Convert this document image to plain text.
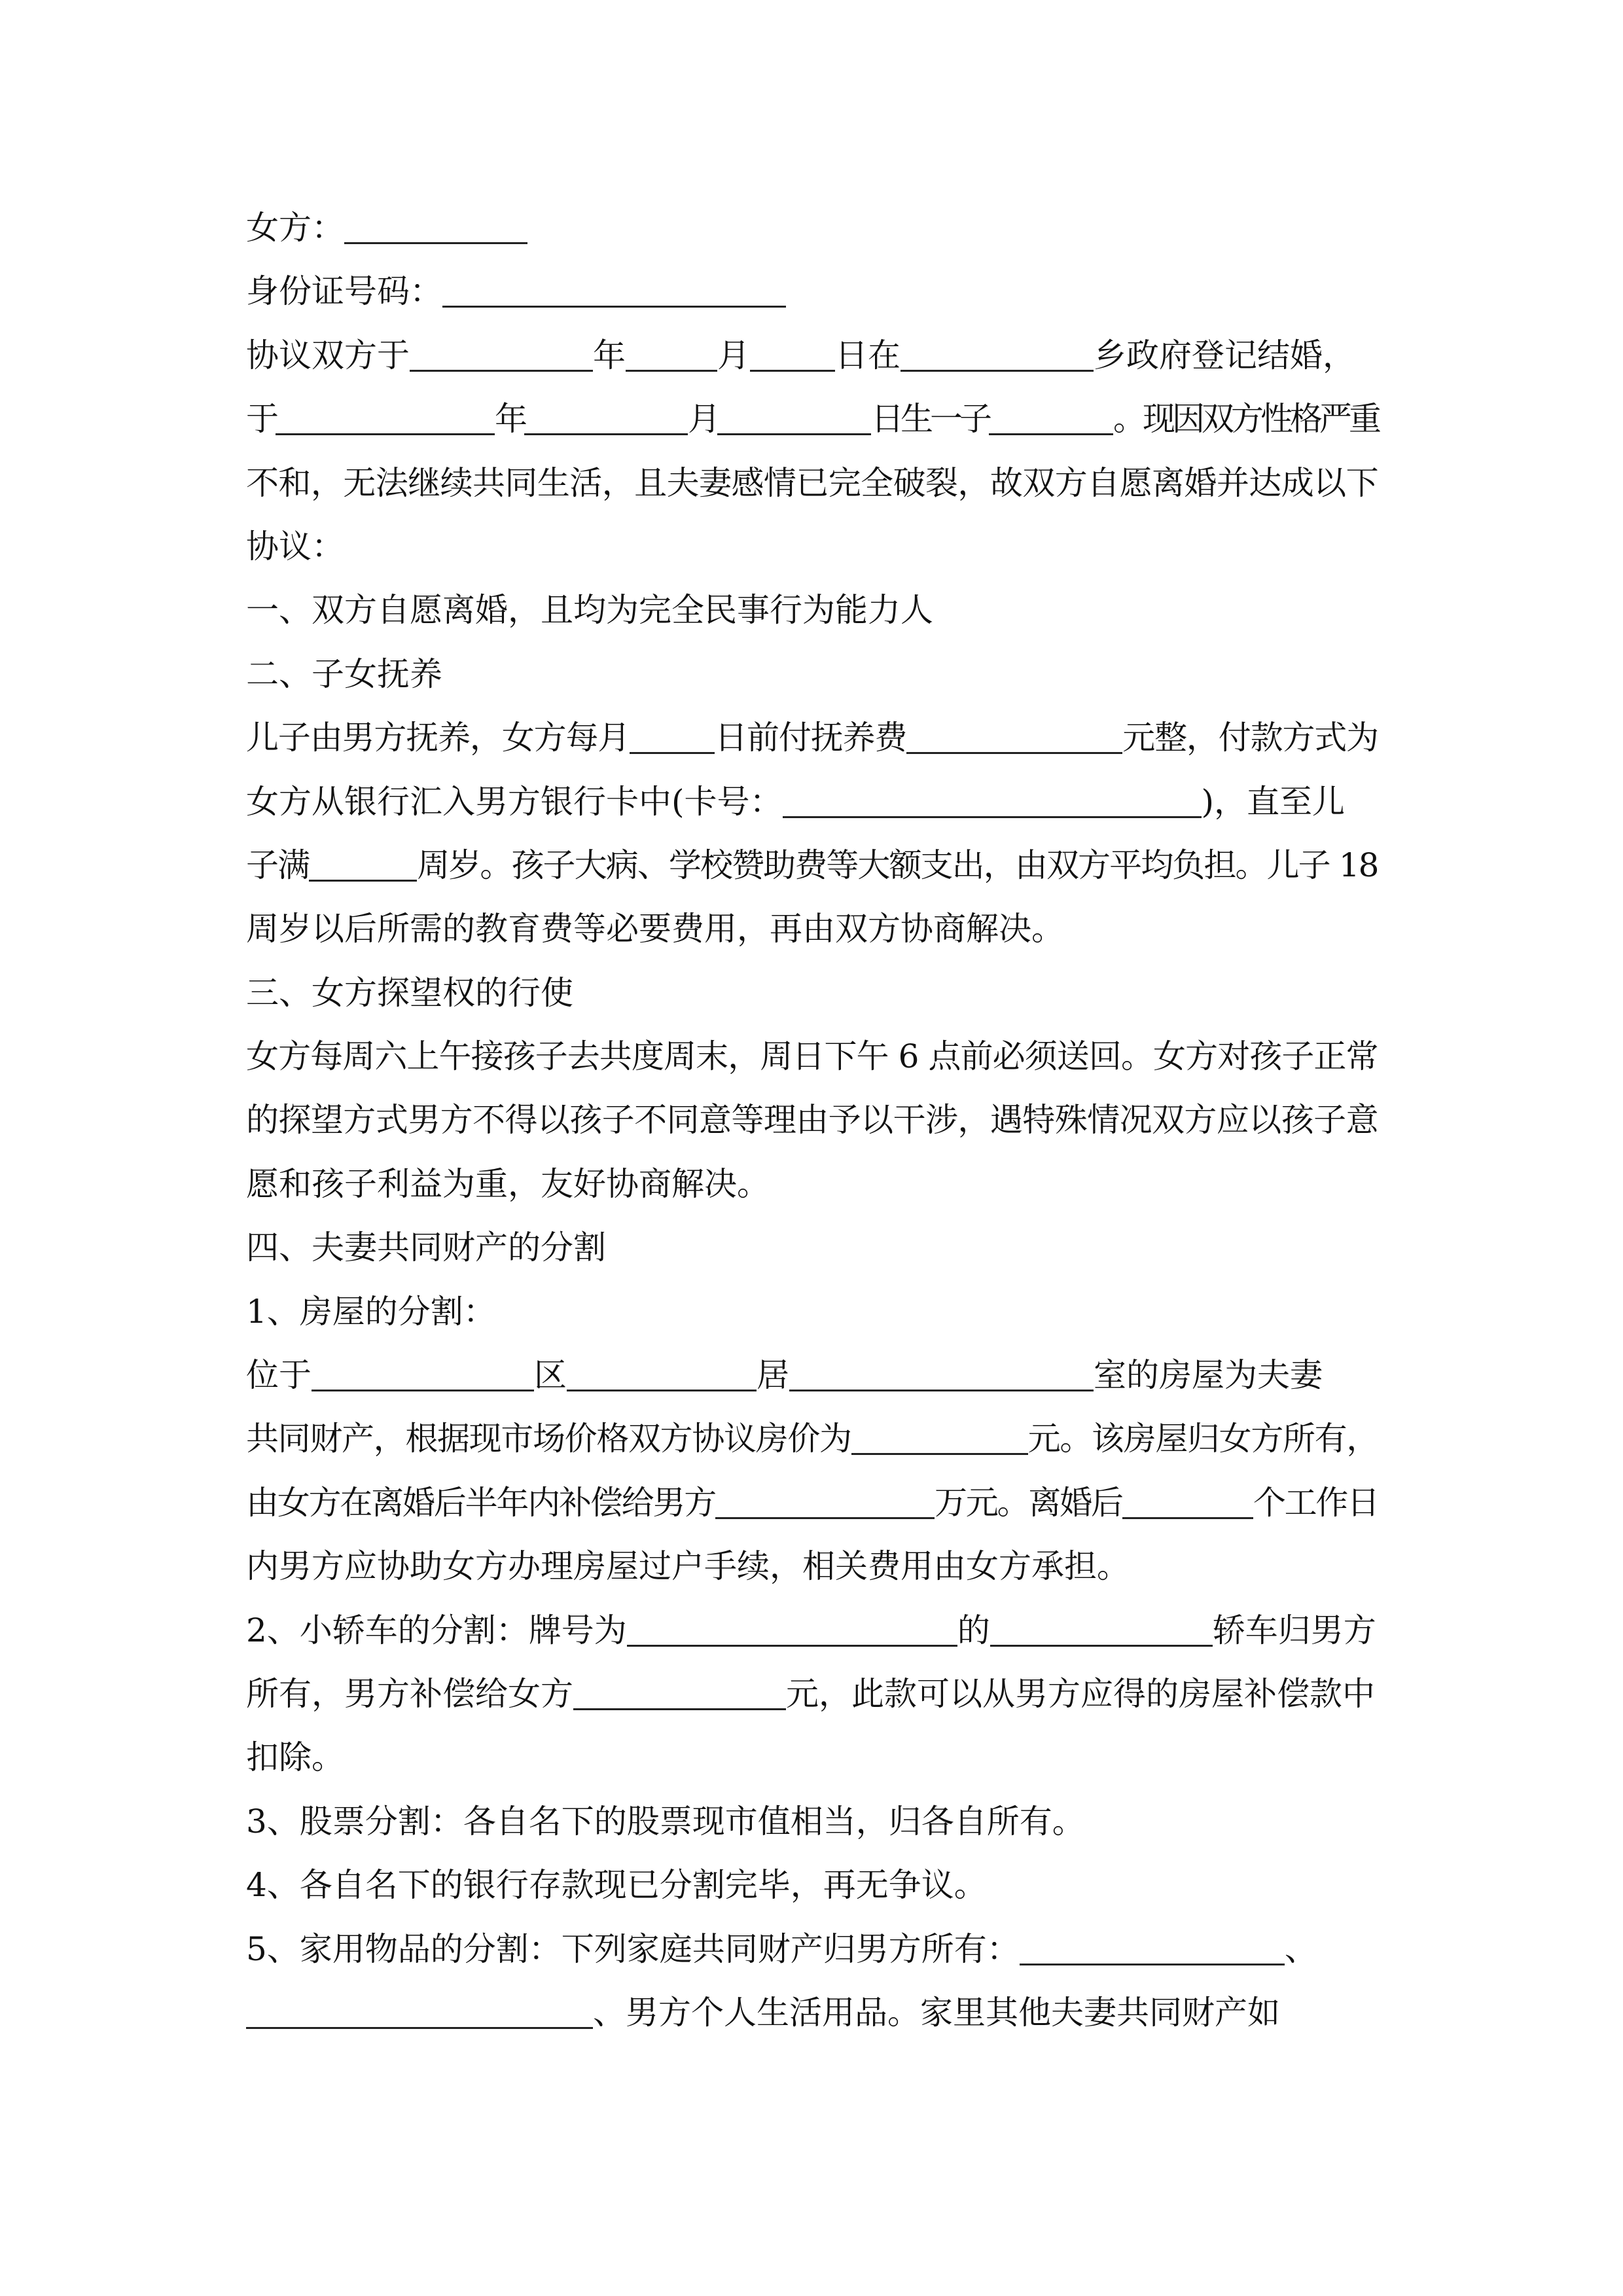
女方：
身份证号码：
协议双方于	年	月	日在	乡政府登记结婚，
于	年	月	日生一子	。现因双方性格严重
不和，无法继续共同生活，且夫妻感情已完全破裂，故双方自愿离婚并达成以下
协议：
一、双方自愿离婚，且均为完全民事行为能力人
二、子女抚养
儿子由男方抚养，女方每月	日前付抚养费	元整，付款方式为
女方从银行汇入男方银行卡中(卡号：	)，直至儿
子满	周岁。孩子大病、学校赞助费等大额支出，由双方平均负担。儿子 18
周岁以后所需的教育费等必要费用，再由双方协商解决。
三、女方探望权的行使
女方每周六上午接孩子去共度周末，周日下午 6 点前必须送回。女方对孩子正常
的探望方式男方不得以孩子不同意等理由予以干涉，遇特殊情况双方应以孩子意
愿和孩子利益为重，友好协商解决。
四、夫妻共同财产的分割
1、房屋的分割：
位于	区	居	室的房屋为夫妻
共同财产，根据现市场价格双方协议房价为	元。该房屋归女方所有，
由女方在离婚后半年内补偿给男方	万元。离婚后	个工作日
内男方应协助女方办理房屋过户手续，相关费用由女方承担。
2、小轿车的分割：牌号为	的	轿车归男方
所有，男方补偿给女方	元，此款可以从男方应得的房屋补偿款中
扣除。
3、股票分割：各自名下的股票现市值相当，归各自所有。
4、各自名下的银行存款现已分割完毕，再无争议。
5、家用物品的分割：下列家庭共同财产归男方所有：	、
、男方个人生活用品。家里其他夫妻共同财产如
